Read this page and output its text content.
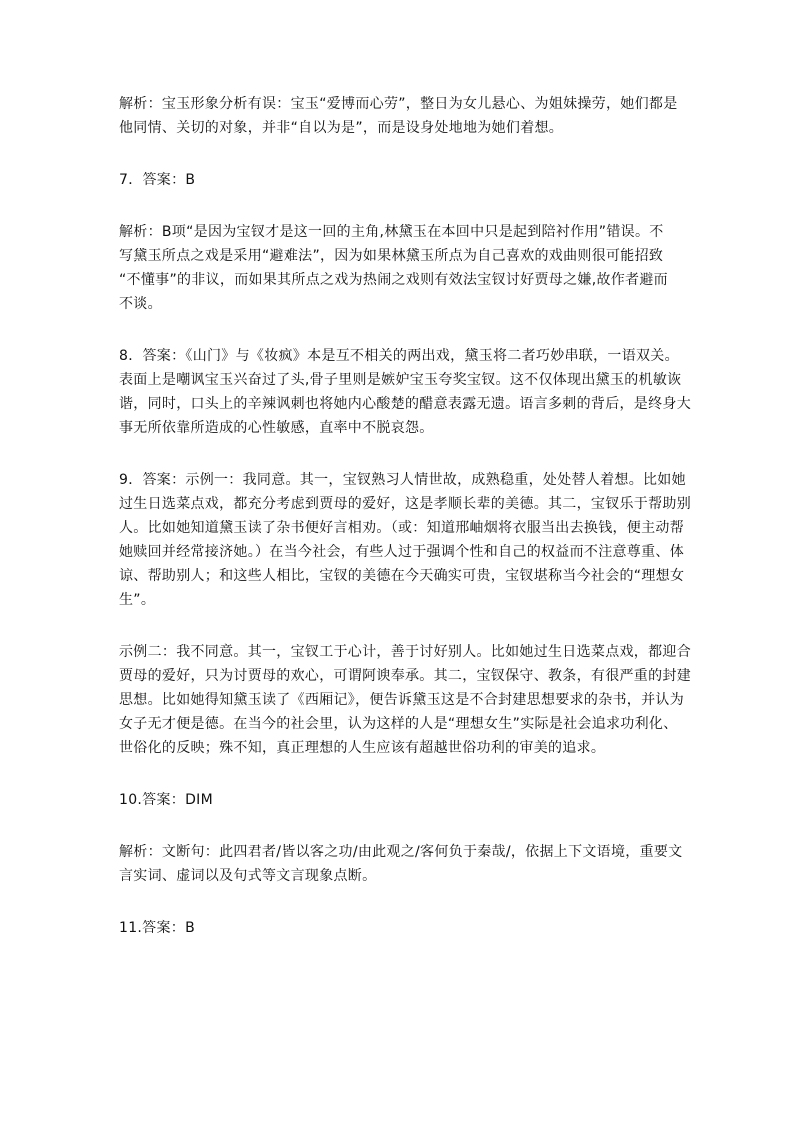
解析：宝玉形象分析有误：宝玉“爱博而心劳”，整日为女儿悬心、为姐妹操劳，她们都是
他同情、关切的对象，并非“自以为是”，而是设身处地地为她们着想。

7．答案：B

解析：B项“是因为宝钗才是这一回的主角,林黛玉在本回中只是起到陪衬作用”错误。不
写黛玉所点之戏是采用“避难法”，因为如果林黛玉所点为自己喜欢的戏曲则很可能招致
“不懂事”的非议，而如果其所点之戏为热闹之戏则有效法宝钗讨好贾母之嫌,故作者避而
不谈。

8．答案：《山门》与《妆疯》本是互不相关的两出戏，黛玉将二者巧妙串联，一语双关。
表面上是嘲讽宝玉兴奋过了头,骨子里则是嫉妒宝玉夸奖宝钗。这不仅体现出黛玉的机敏诙
谐，同时，口头上的辛辣讽刺也将她内心酸楚的醋意表露无遗。语言多刺的背后，是终身大
事无所依靠所造成的心性敏感，直率中不脱哀怨。

9．答案：示例一：我同意。其一，宝钗熟习人情世故，成熟稳重，处处替人着想。比如她
过生日选菜点戏，都充分考虑到贾母的爱好，这是孝顺长辈的美德。其二，宝钗乐于帮助别
人。比如她知道黛玉读了杂书便好言相劝。（或：知道邢岫烟将衣服当出去换钱，便主动帮
她赎回并经常接济她。）在当今社会，有些人过于强调个性和自己的权益而不注意尊重、体
谅、帮助别人；和这些人相比，宝钗的美德在今天确实可贵，宝钗堪称当今社会的“理想女
生”。

示例二：我不同意。其一，宝钗工于心计，善于讨好别人。比如她过生日选菜点戏，都迎合
贾母的爱好，只为讨贾母的欢心，可谓阿谀奉承。其二，宝钗保守、教条，有很严重的封建
思想。比如她得知黛玉读了《西厢记》，便告诉黛玉这是不合封建思想要求的杂书，并认为
女子无才便是德。在当今的社会里，认为这样的人是“理想女生”实际是社会追求功利化、
世俗化的反映；殊不知，真正理想的人生应该有超越世俗功利的审美的追求。

10.答案：DIM

解析：文断句：此四君者/皆以客之功/由此观之/客何负于秦哉/，依据上下文语境，重要文
言实词、虚词以及句式等文言现象点断。

11.答案：B
